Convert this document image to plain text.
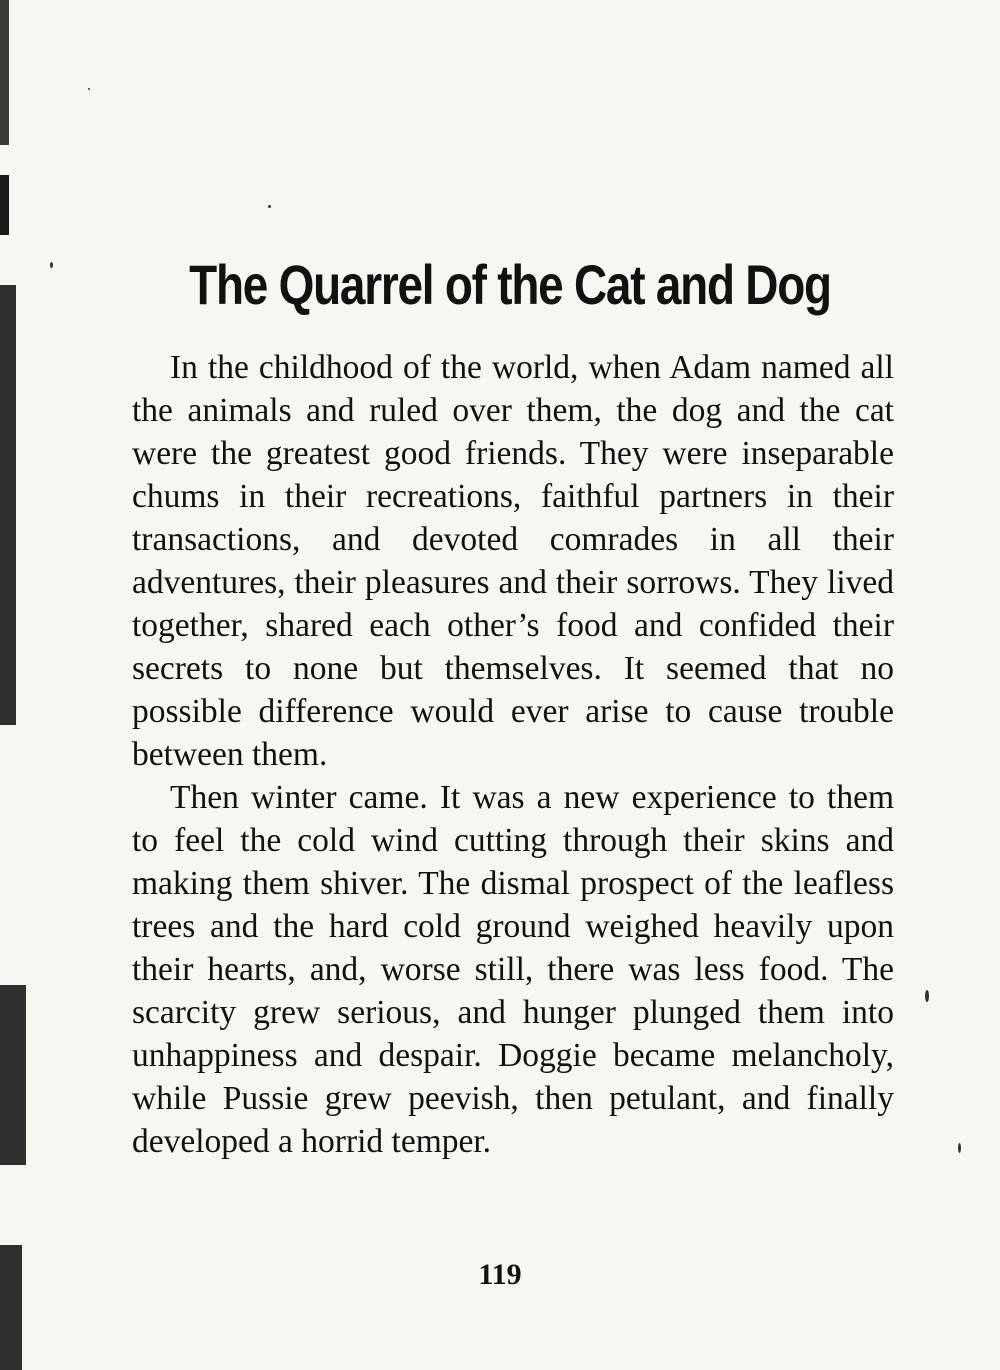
The Quarrel of the Cat and Dog

In the childhood of the world, when Adam named all the animals and ruled over them, the dog and the cat were the greatest good friends. They were inseparable chums in their recreations, faithful partners in their transactions, and devoted comrades in all their adventures, their pleasures and their sorrows. They lived together, shared each other’s food and confided their secrets to none but themselves. It seemed that no possible difference would ever arise to cause trouble between them.

Then winter came. It was a new experience to them to feel the cold wind cutting through their skins and making them shiver. The dismal prospect of the leafless trees and the hard cold ground weighed heavily upon their hearts, and, worse still, there was less food. The scarcity grew serious, and hunger plunged them into unhappiness and despair. Doggie became melancholy, while Pussie grew peevish, then petulant, and finally developed a horrid temper.

119
